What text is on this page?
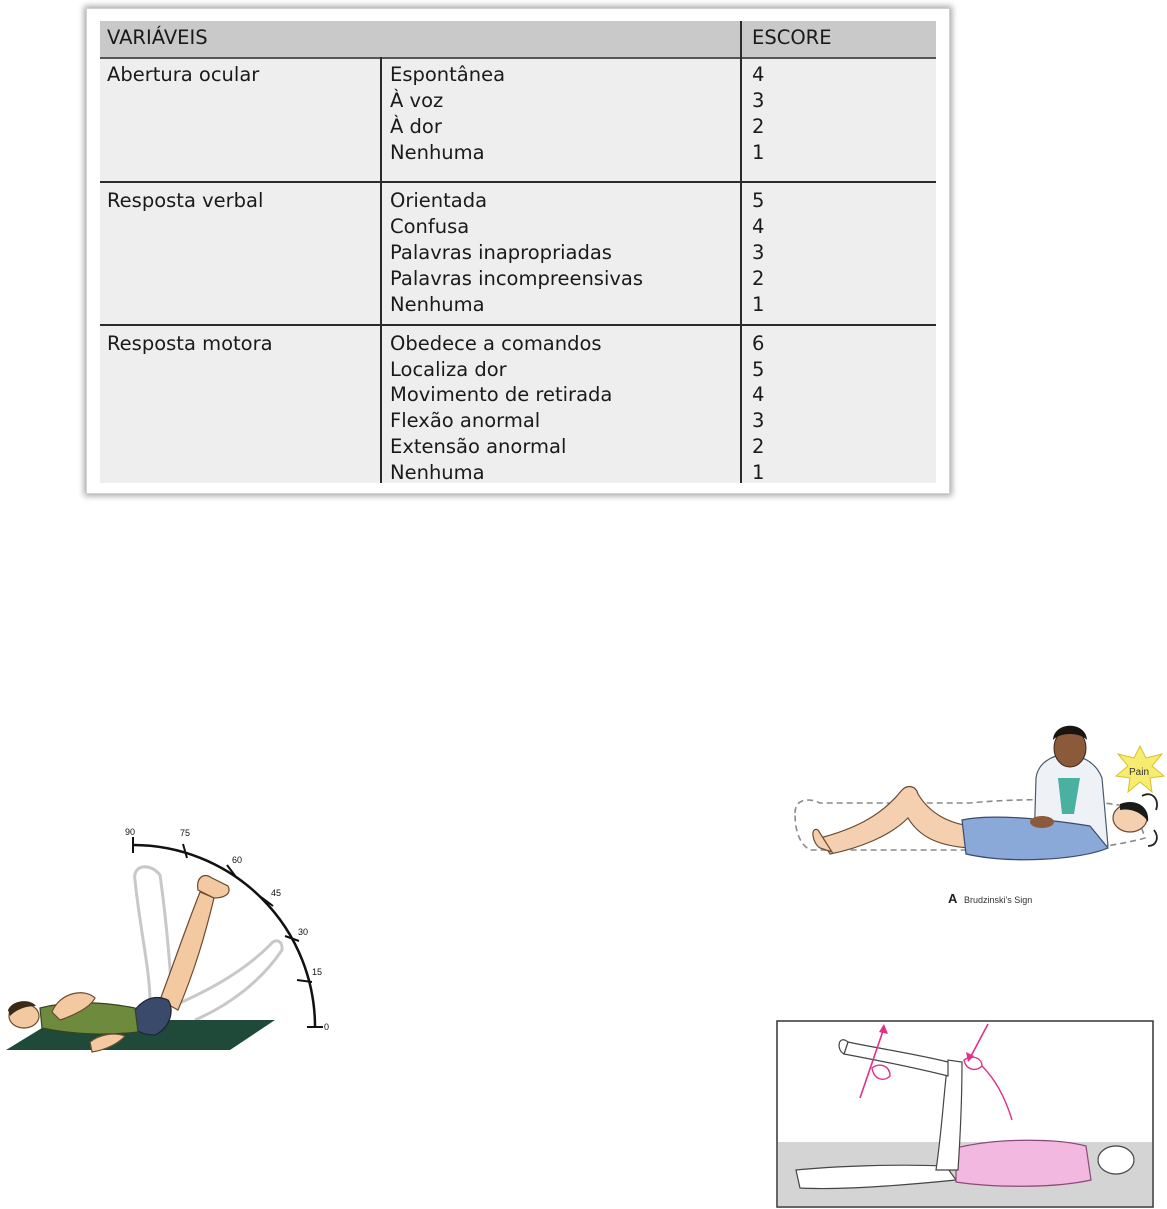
VARIÁVEIS	ESCORE
Abertura ocular	Espontânea	4
À voz	3
À dor	2
Nenhuma	1
Resposta verbal	Orientada	5
Confusa	4
Palavras inapropriadas	3
Palavras incompreensivas	2
Nenhuma	1
Resposta motora	Obedece a comandos	6
Localiza dor	5
Movimento de retirada	4
Flexão anormal	3
Extensão anormal	2
Nenhuma	1
90	75
60
45
30
15
0
Pain
A Brudzinski's Sign
